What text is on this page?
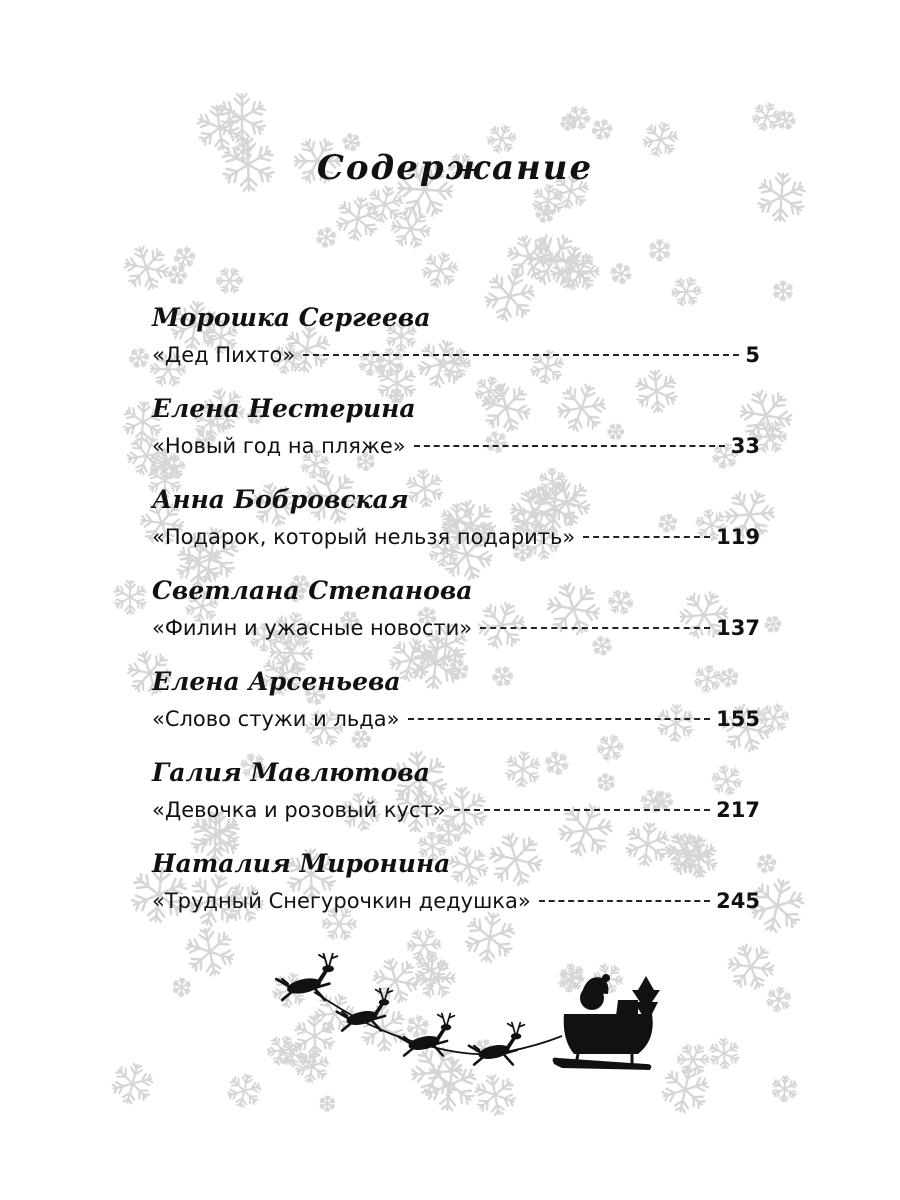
Содержание
Морошка Сергеева
«Дед Пихто»	5
Елена Нестерина
«Новый год на пляже»	33
Анна Бобровская
«Подарок, который нельзя подарить»	119
Светлана Степанова
«Филин и ужасные новости»	137
Елена Арсеньева
«Слово стужи и льда»	155
Галия Мавлютова
«Девочка и розовый куст»	217
Наталия Миронина
«Трудный Снегурочкин дедушка»	245
